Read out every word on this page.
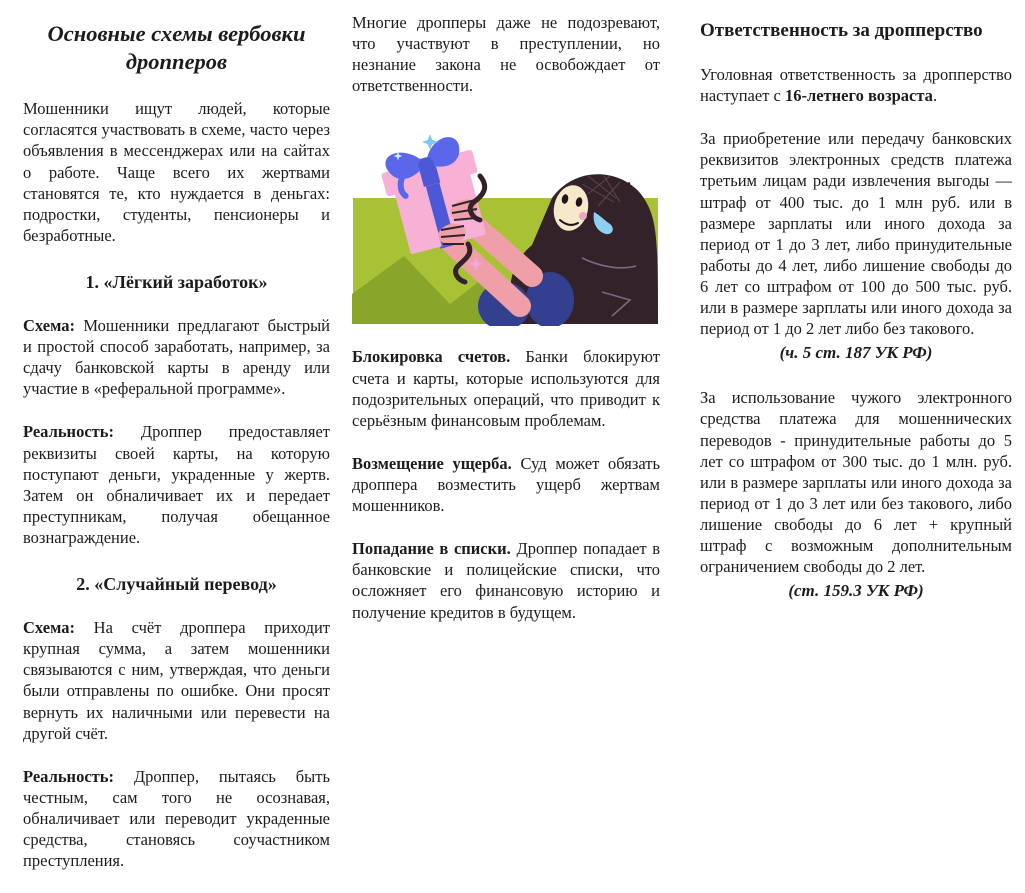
Основные схемы вербовки дропперов

Мошенники ищут людей, которые согласятся участвовать в схеме, часто через объявления в мессенджерах или на сайтах о работе. Чаще всего их жертвами становятся те, кто нуждается в деньгах: подростки, студенты, пенсионеры и безработные.

1. «Лёгкий заработок»

Схема: Мошенники предлагают быстрый и простой способ заработать, например, за сдачу банковской карты в аренду или участие в «реферальной программе».

Реальность: Дроппер предоставляет реквизиты своей карты, на которую поступают деньги, украденные у жертв. Затем он обналичивает их и передает преступникам, получая обещанное вознаграждение.

2. «Случайный перевод»

Схема: На счёт дроппера приходит крупная сумма, а затем мошенники связываются с ним, утверждая, что деньги были отправлены по ошибке. Они просят вернуть их наличными или перевести на другой счёт.

Реальность: Дроппер, пытаясь быть честным, сам того не осознавая, обналичивает или переводит украденные средства, становясь соучастником преступления.

Многие дропперы даже не подозревают, что участвуют в преступлении, но незнание закона не освобождает от ответственности.

Блокировка счетов. Банки блокируют счета и карты, которые используются для подозрительных операций, что приводит к серьёзным финансовым проблемам.

Возмещение ущерба. Суд может обязать дроппера возместить ущерб жертвам мошенников.

Попадание в списки. Дроппер попадает в банковские и полицейские списки, что осложняет его финансовую историю и получение кредитов в будущем.

Ответственность за дропперство

Уголовная ответственность за дропперство наступает с 16-летнего возраста.

За приобретение или передачу банковских реквизитов электронных средств платежа третьим лицам ради извлечения выгоды — штраф от 400 тыс. до 1 млн руб. или в размере зарплаты или иного дохода за период от 1 до 3 лет, либо принудительные работы до 4 лет, либо лишение свободы до 6 лет со штрафом от 100 до 500 тыс. руб. или в размере зарплаты или иного дохода за период от 1 до 2 лет либо без такового.

(ч. 5 ст. 187 УК РФ)

За использование чужого электронного средства платежа для мошеннических переводов - принудительные работы до 5 лет со штрафом от 300 тыс. до 1 млн. руб. или в размере зарплаты или иного дохода за период от 1 до 3 лет или без такового, либо лишение свободы до 6 лет + крупный штраф с возможным дополнительным ограничением свободы до 2 лет.

(ст. 159.3 УК РФ)
